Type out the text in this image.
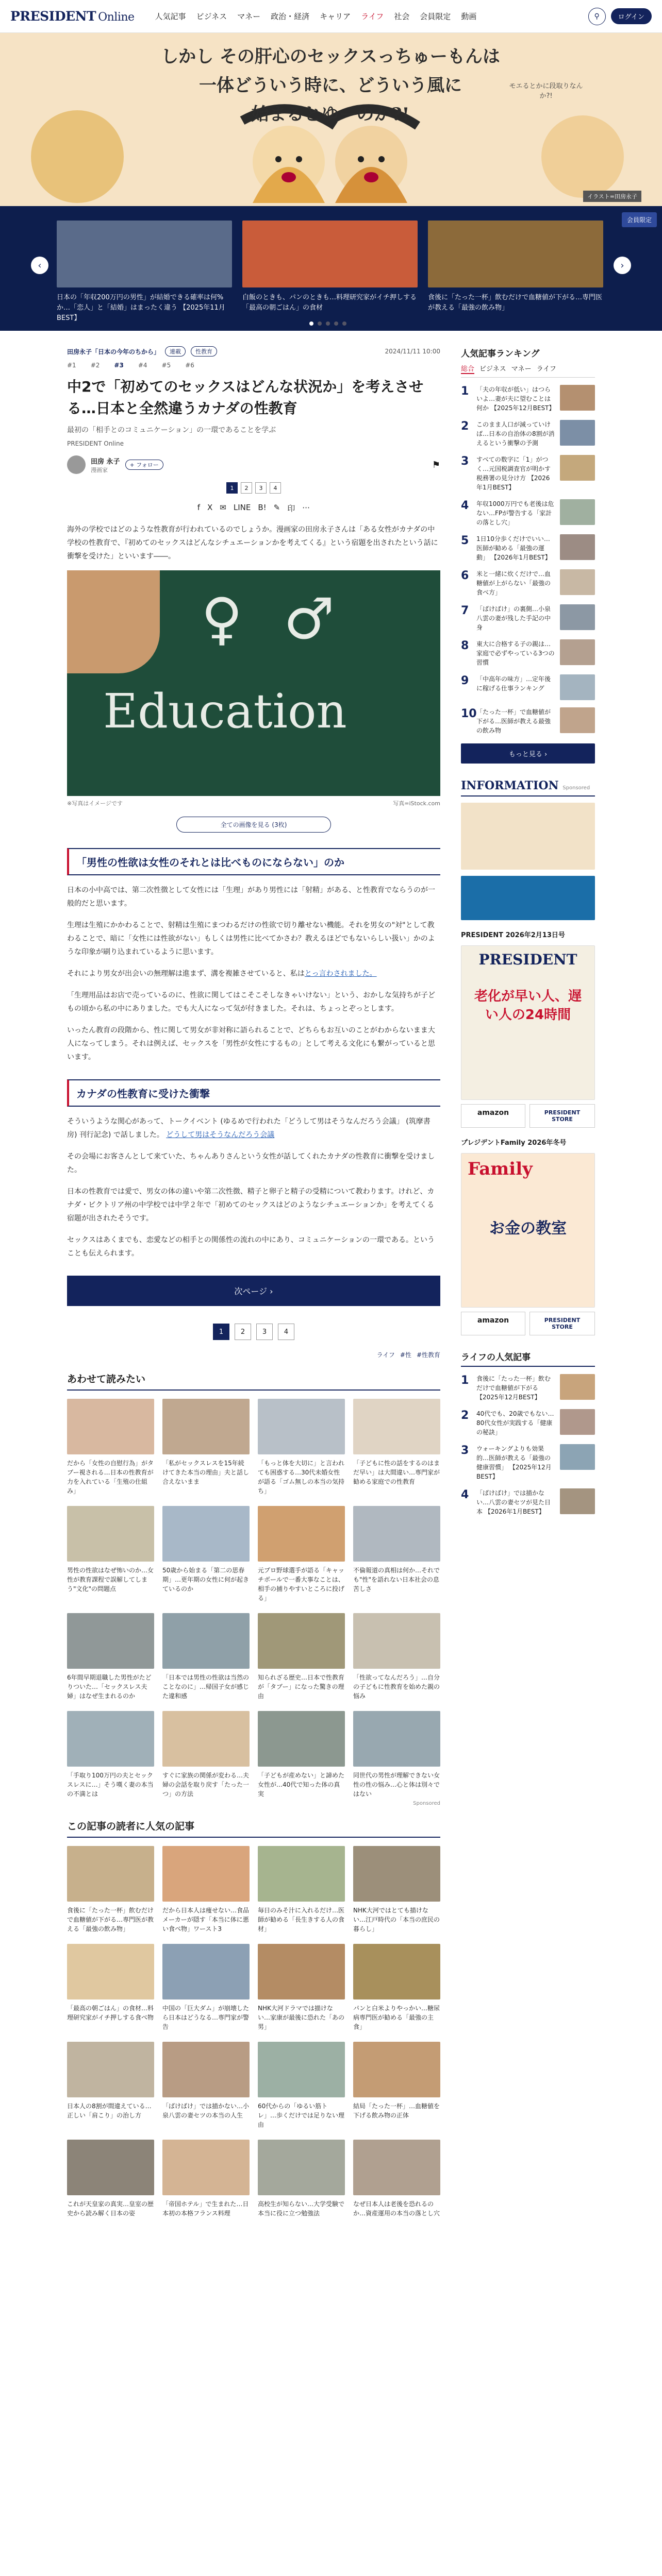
PRESIDENT Online	人気記事 ビジネス マネー 政治・経済 キャリア ライフ 社会 会員限定 動画	⚲	ログイン
しかし その肝心のセックスっちゅーもんは
一体どういう時に、どういう風に
始まるとゆーのか?!
モエるとかに段取りなんか?!
イラスト=田房永子
会員限定
‹

日本の「年収200万円の男性」が結婚できる確率は何%か…「恋人」と「結婚」はまったく違う 【2025年11月BEST】

白飯のときも、パンのときも…料理研究家がイチ押しする「最高の朝ごはん」の食材

食後に「たった一杯」飲むだけで血糖値が下がる…専門医が教える「最強の飲み物」

›
田房永子「日本の今年のちから」	連載	性教育	2024/11/11 10:00
#1 #2 #3 #4 #5 #6
中2で「初めてのセックスはどんな状況か」を考えさせる…日本と全然違うカナダの性教育
最初の「相手とのコミュニケーション」の一環であることを学ぶ
PRESIDENT Online
田房 永子
漫画家
+ フォロー	⚑
1	2	3	4
f X ✉ LINE B! ✎ 印 ⋯

海外の学校ではどのような性教育が行われているのでしょうか。漫画家の田房永子さんは「ある女性がカナダの中学校の性教育で、『初めてのセックスはどんなシチュエーションかを考えてくる』という宿題を出されたという話に衝撃を受けた」といいます――。

♀ ♂
Education
※写真はイメージです	写真=iStock.com
全ての画像を見る (3枚)
「男性の性欲は女性のそれとは比べものにならない」のか

日本の小中高では、第二次性徴として女性には「生理」があり男性には「射精」がある、と性教育でならうのが一般的だと思います。

生理は生殖にかかわることで、射精は生殖にまつわるだけの性欲で切り離せない機能。それを男女の"対"として教わることで、暗に「女性には性欲がない」もしくは男性に比べてかさわ？教えるほどでもないらしい扱い」かのような印象が刷り込まれているように思います。

それにより男女が出会いの無理解は進まず、溝を複雑させていると、私はとっ言わされました。

「生理用品はお店で売っているのに、性欲に関してはこそこそしなきゃいけない」という、おかしな気持ちが子どもの頃から私の中にありました。でも大人になって気が付きました。それは、ちょっとぞっとします。

いったん教育の段階から、性に関して男女が非対称に語られることで、どちらもお互いのことがわからないまま大人になってしまう。それは例えば、セックスを「男性が女性にするもの」として考える文化にも繋がっていると思います。

カナダの性教育に受けた衝撃

そういうような関心があって、トークイベント (ゆるめで行われた「どうして男はそうなんだろう会議」 (筑摩書房) 刊行記念) で話しました。 どうして男はそうなんだろう会議

その会場にお客さんとして来ていた、ちゃんありさんという女性が話してくれたカナダの性教育に衝撃を受けました。

日本の性教育では愛で、男女の体の違いや第二次性徴、精子と卵子と精子の受精について教わります。けれど、カナダ・ビクトリア州の中学校では中学２年で「初めてのセックスはどのようなシチュエーションか」を考えてくる宿題が出されたそうです。

セックスはあくまでも、恋愛などの相手との関係性の流れの中にあり、コミュニケーションの一環である。ということも伝えられます。

次ページ ›
1	2	3	4
ライフ #性 #性教育
あわせて読みたい

だから「女性の自慰行為」がタブー視される…日本の性教育が力を入れている「生殖の仕組み」

「私がセックスレスを15年続けてきた本当の理由」夫と話し合えないまま

「もっと体を大切に」と言われても困惑する…30代未婚女性が語る「ゴム無しの本当の気持ち」

「子どもに性の話をするのはまだ早い」は大間違い…専門家が勧める家庭での性教育

男性の性欲はなぜ怖いのか…女性が教育課程で誤解してしまう"文化"の問題点

50歳から始まる「第二の思春期」…更年期の女性に何が起きているのか

元プロ野球選手が語る「キャッチボールで一番大事なことは、相手の捕りやすいところに投げる」

不倫報道の真相は何か…それでも"性"を語れない日本社会の息苦しさ

6年間早期退職した男性がたどりついた…「セックスレス夫婦」はなぜ生まれるのか

「日本では男性の性欲は当然のことなのに」…帰国子女が感じた違和感

知られざる歴史…日本で性教育が「タブー」になった驚きの理由

「性欲ってなんだろう」…自分の子どもに性教育を始めた親の悩み

「手取り100万円の夫とセックスレスに…」そう嘆く妻の本当の不満とは

すぐに家族の関係が変わる…夫婦の会話を取り戻す「たった一つ」の方法

「子どもが産めない」と諦めた女性が…40代で知った体の真実

同世代の男性が理解できない女性の性の悩み…心と体は別々ではない

Sponsored
この記事の読者に人気の記事

食後に「たった一杯」飲むだけで血糖値が下がる…専門医が教える「最強の飲み物」

だから日本人は痩せない…食品メーカーが隠す「本当に体に悪い食べ物」ワースト3

毎日のみそ汁に入れるだけ…医師が勧める「長生きする人の食材」

NHK大河ではとても描けない…江戸時代の「本当の庶民の暮らし」

「最高の朝ごはん」の食材…料理研究家がイチ押しする食べ物

中国の「巨大ダム」が崩壊したら日本はどうなる…専門家が警告

NHK大河ドラマでは描けない…家康が最後に恐れた「あの男」

パンと白米よりやっかい…糖尿病専門医が勧める「最強の主食」

日本人の8割が間違えている…正しい「肩こり」の治し方

「ばけばけ」では描かない…小泉八雲の妻セツの本当の人生

60代からの「ゆるい筋トレ」…歩くだけでは足りない理由

結局「たった一杯」…血糖値を下げる飲み物の正体

これが天皇家の真実…皇室の歴史から読み解く日本の姿

「帝国ホテル」で生まれた…日本初の本格フランス料理

高校生が知らない…大学受験で本当に役に立つ勉強法

なぜ日本人は老後を恐れるのか…資産運用の本当の落とし穴

人気記事ランキング
総合 ビジネス マネー ライフ
1	「夫の年収が低い」はつらいよ…妻が夫に望むことは何か 【2025年12月BEST】

2	このまま人口が減っていけば…日本の自治体の8割が消えるという衝撃の予測

3	すべての数字に「1」がつく…元国税調査官が明かす税務署の見分け方 【2026年1月BEST】

4	年収1000万円でも老後は危ない…FPが警告する「家計の落とし穴」

5	1日10分歩くだけでいい…医師が勧める「最強の運動」 【2026年1月BEST】

6	米と一緒に炊くだけで…血糖値が上がらない「最強の食べ方」

7	「ばけばけ」の裏側…小泉八雲の妻が残した手記の中身

8	東大に合格する子の親は…家庭で必ずやっている3つの習慣

9	「中高年の味方」…定年後に稼げる仕事ランキング

10 「たった一杯」で血糖値が下がる…医師が教える最強の飲み物

もっと見る ›
INFORMATION Sponsored
PRESIDENT 2026年2月13日号
PRESIDENT
老化が早い人、遅い人の24時間
amazon	PRESIDENT STORE
プレジデントFamily 2026年冬号
Family
お金の教室
amazon	PRESIDENT STORE
ライフの人気記事
1	食後に「たった一杯」飲むだけで血糖値が下がる 【2025年12月BEST】

2	40代でも、20歳でもない…80代女性が実践する「健康の秘訣」

3	ウォーキングよりも効果的…医師が教える「最強の健康習慣」 【2025年12月BEST】

4	「ばけばけ」では描かない…八雲の妻セツが見た日本 【2026年1月BEST】
